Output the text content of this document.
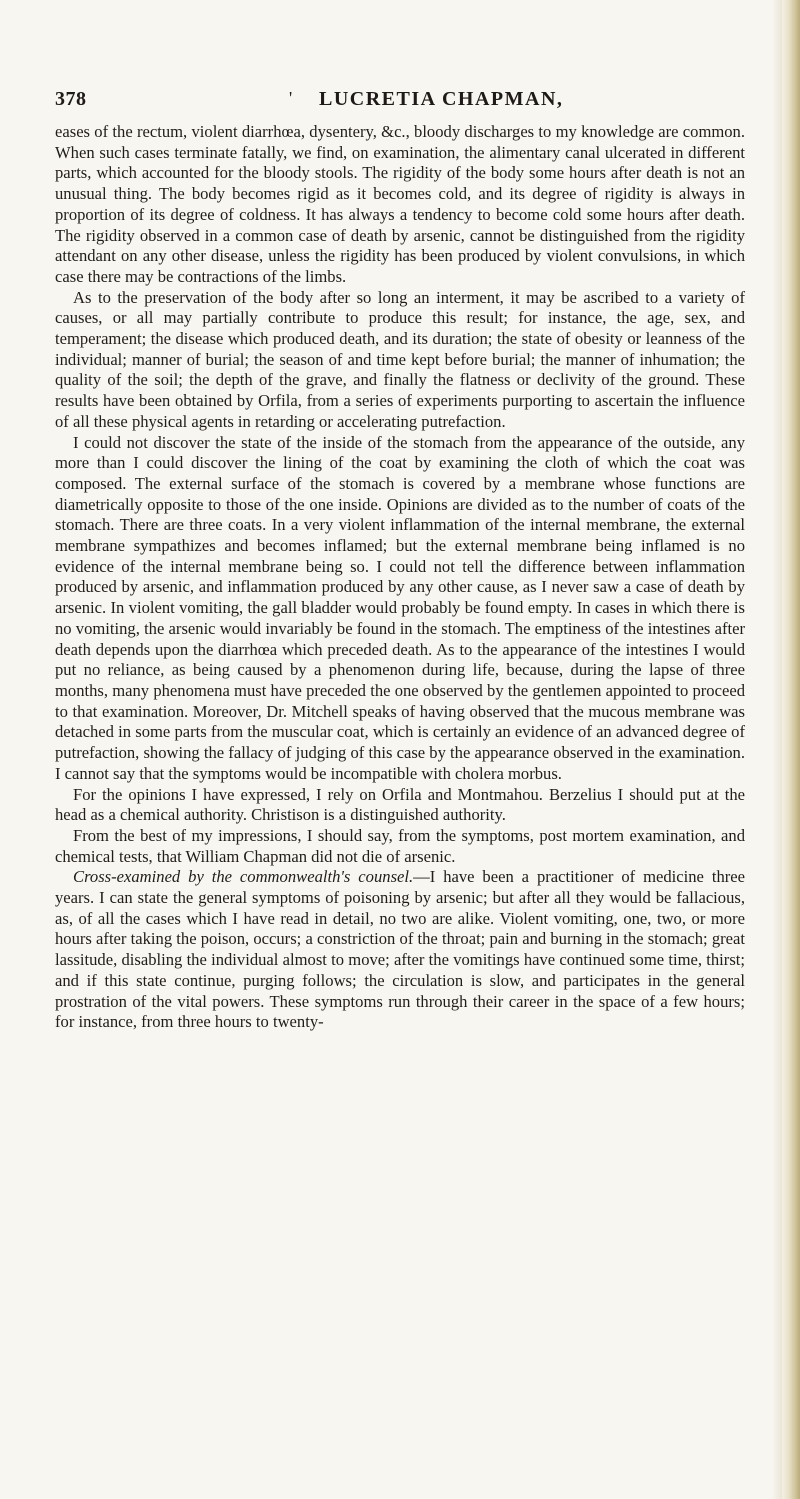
378	' LUCRETIA CHAPMAN,

eases of the rectum, violent diarrhœa, dysentery, &c., bloody discharges to my knowledge are common. When such cases terminate fatally, we find, on examination, the alimentary canal ulcerated in different parts, which accounted for the bloody stools. The rigidity of the body some hours after death is not an unusual thing. The body becomes rigid as it becomes cold, and its degree of rigidity is always in proportion of its degree of coldness. It has always a tendency to become cold some hours after death. The rigidity observed in a common case of death by arsenic, cannot be distinguished from the rigidity attendant on any other disease, unless the rigidity has been produced by violent convulsions, in which case there may be contractions of the limbs.

As to the preservation of the body after so long an interment, it may be ascribed to a variety of causes, or all may partially contribute to produce this result; for instance, the age, sex, and temperament; the disease which produced death, and its duration; the state of obesity or leanness of the individual; manner of burial; the season of and time kept before burial; the manner of inhumation; the quality of the soil; the depth of the grave, and finally the flatness or declivity of the ground. These results have been obtained by Orfila, from a series of experiments purporting to ascertain the influence of all these physical agents in retarding or accelerating putrefaction.

I could not discover the state of the inside of the stomach from the appearance of the outside, any more than I could discover the lining of the coat by examining the cloth of which the coat was composed. The external surface of the stomach is covered by a membrane whose functions are diametrically opposite to those of the one inside. Opinions are divided as to the number of coats of the stomach. There are three coats. In a very violent inflammation of the internal membrane, the external membrane sympathizes and becomes inflamed; but the external membrane being inflamed is no evidence of the internal membrane being so. I could not tell the difference between inflammation produced by arsenic, and inflammation produced by any other cause, as I never saw a case of death by arsenic. In violent vomiting, the gall bladder would probably be found empty. In cases in which there is no vomiting, the arsenic would invariably be found in the stomach. The emptiness of the intestines after death depends upon the diarrhœa which preceded death. As to the appearance of the intestines I would put no reliance, as being caused by a phenomenon during life, because, during the lapse of three months, many phenomena must have preceded the one observed by the gentlemen appointed to proceed to that examination. Moreover, Dr. Mitchell speaks of having observed that the mucous membrane was detached in some parts from the muscular coat, which is certainly an evidence of an advanced degree of putrefaction, showing the fallacy of judging of this case by the appearance observed in the examination. I cannot say that the symptoms would be incompatible with cholera morbus.

For the opinions I have expressed, I rely on Orfila and Montmahou. Berzelius I should put at the head as a chemical authority. Christison is a distinguished authority.

From the best of my impressions, I should say, from the symptoms, post mortem examination, and chemical tests, that William Chapman did not die of arsenic.

Cross-examined by the commonwealth's counsel.—I have been a practitioner of medicine three years. I can state the general symptoms of poisoning by arsenic; but after all they would be fallacious, as, of all the cases which I have read in detail, no two are alike. Violent vomiting, one, two, or more hours after taking the poison, occurs; a constriction of the throat; pain and burning in the stomach; great lassitude, disabling the individual almost to move; after the vomitings have continued some time, thirst; and if this state continue, purging follows; the circulation is slow, and participates in the general prostration of the vital powers. These symptoms run through their career in the space of a few hours; for instance, from three hours to twenty-
